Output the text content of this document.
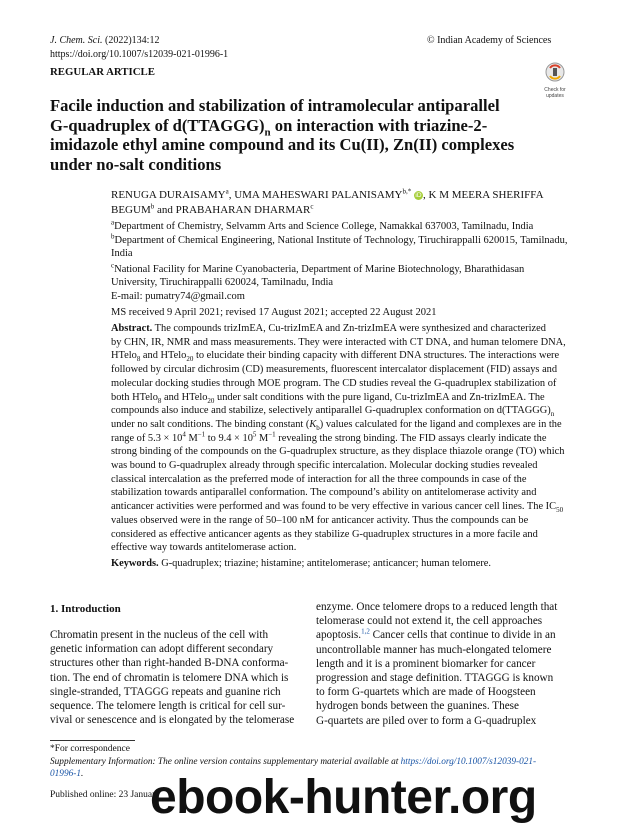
J. Chem. Sci. (2022)134:12
https://doi.org/10.1007/s12039-021-01996-1
© Indian Academy of Sciences
REGULAR ARTICLE
Check for
updates
Facile induction and stabilization of intramolecular antiparallel
G-quadruplex of $d(TTAGGG)_n$ on interaction with triazine-2-
imidazole ethyl amine compound and its Cu(II), Zn(II) complexes
under no-salt conditions
RENUGA DURAISAMY$^a$, UMA MAHESWARI $PALANISAMY^{b,*}$ iD, K M MEERA SHERIFFA
BEGUM$^b$ and PRABAHARAN DHARMAR$^c$
$^a$Department of Chemistry, Selvamm Arts and Science College, Namakkal 637003, Tamilnadu, India
$^b$Department of Chemical Engineering, National Institute of Technology, Tiruchirappalli 620015, Tamilnadu,
India
$^c$National Facility for Marine Cyanobacteria, Department of Marine Biotechnology, Bharathidasan
University, Tiruchirappalli 620024, Tamilnadu, India
E-mail: pumatry74@gmail.com
MS received 9 April 2021; revised 17 August 2021; accepted 22 August 2021
Abstract. The compounds trizImEA, Cu-trizImEA and Zn-trizImEA were synthesized and characterized
by CHN, IR, NMR and mass measurements. They were interacted with CT DNA, and human telomere DNA,
HTelo$_8$ and HTelo$_{20}$ to elucidate their binding capacity with different DNA structures. The interactions were
followed by circular dichrosim (CD) measurements, fluorescent intercalator displacement (FID) assays and
molecular docking studies through MOE program. The CD studies reveal the G-quadruplex stabilization of
both HTelo$_8$ and HTelo$_{20}$ under salt conditions with the pure ligand, Cu-trizImEA and Zn-trizImEA. The
compounds also induce and stabilize, selectively antiparallel G-quadruplex conformation on $d(TTAGGG)_n$
under no salt conditions. The binding constant $(K_b)$ values calculated for the ligand and complexes are in the
range of $5.3 \times 10^4$ $M^{-1}$ to $9.4 \times 10^5$ $M^{-1}$ revealing the strong binding. The FID assays clearly indicate the
strong binding of the compounds on the G-quadruplex structure, as they displace thiazole orange (TO) which
was bound to G-quadruplex already through specific intercalation. Molecular docking studies revealed
classical intercalation as the preferred mode of interaction for all the three compounds in case of the
stabilization towards antiparallel conformation. The compound’s ability on antitelomerase activity and
anticancer activities were performed and was found to be very effective in various cancer cell lines. The $IC_{50}$
values observed were in the range of 50–100 nM for anticancer activity. Thus the compounds can be
considered as effective anticancer agents as they stabilize G-quadruplex structures in a more facile and
effective way towards antitelomerase action.
Keywords. G-quadruplex; triazine; histamine; antitelomerase; anticancer; human telomere.
1. Introduction
Chromatin present in the nucleus of the cell with
genetic information can adopt different secondary
structures other than right-handed B-DNA conforma-
tion. The end of chromatin is telomere DNA which is
single-stranded, TTAGGG repeats and guanine rich
sequence. The telomere length is critical for cell sur-
vival or senescence and is elongated by the telomerase
enzyme. Once telomere drops to a reduced length that
telomerase could not extend it, the cell approaches
apoptosis.$^{1,2}$ Cancer cells that continue to divide in an
uncontrollable manner has much-elongated telomere
length and it is a prominent biomarker for cancer
progression and stage definition. TTAGGG is known
to form G-quartets which are made of Hoogsteen
hydrogen bonds between the guanines. These
G-quartets are piled over to form a G-quadruplex
*For correspondence
Supplementary Information: The online version contains supplementary material available at https://doi.org/10.1007/s12039-021-
01996-1.
Published online: 23 Januar
ebook-hunter.org
